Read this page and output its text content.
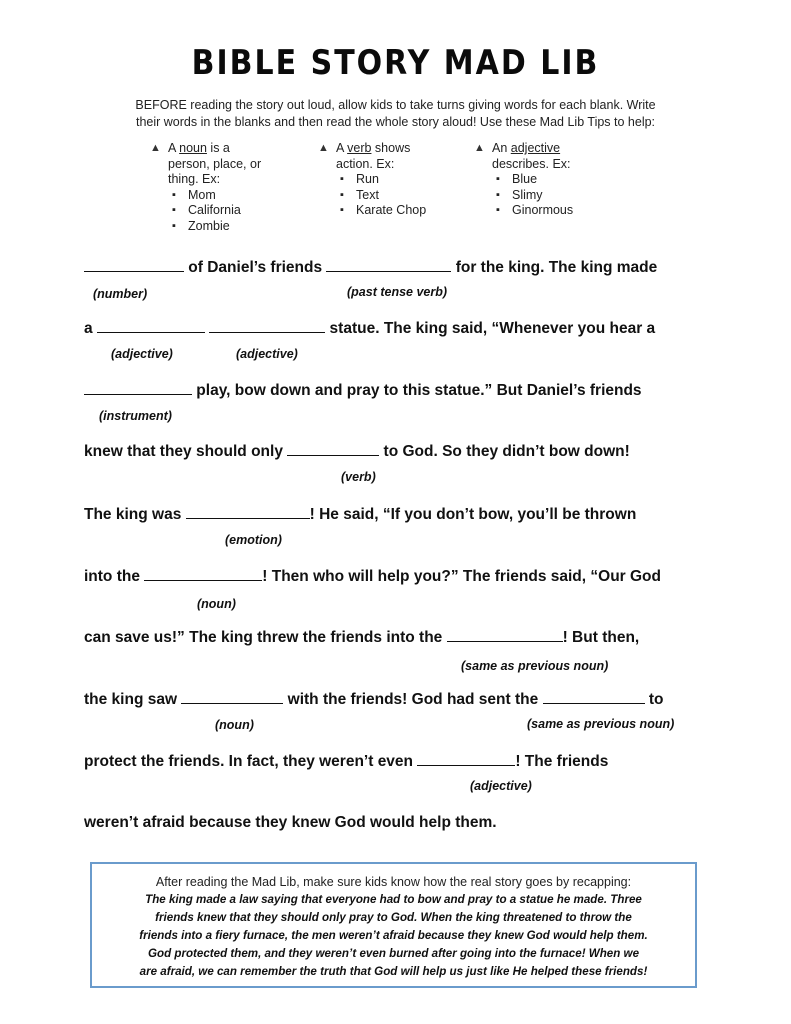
BIBLE STORY MAD LIB
BEFORE reading the story out loud, allow kids to take turns giving words for each blank. Write
their words in the blanks and then read the whole story aloud! Use these Mad Lib Tips to help:
▲ A noun is a
person, place, or
thing. Ex:
▪ Mom
▪ California
▪ Zombie
▲ A verb shows
action. Ex:
▪ Run
▪ Text
▪ Karate Chop
▲ An adjective
describes. Ex:
▪ Blue
▪ Slimy
▪ Ginormous
of Daniel’s friends	for the king. The king made
(number)	(past tense verb)
a	statue. The king said, “Whenever you hear a
(adjective)	(adjective)
play, bow down and pray to this statue.” But Daniel’s friends
(instrument)
knew that they should only	to God. So they didn’t bow down!
(verb)
The king was	! He said, “If you don’t bow, you’ll be thrown
(emotion)
into the	! Then who will help you?” The friends said, “Our God
(noun)
can save us!” The king threw the friends into the	! But then,
(same as previous noun)
the king saw	with the friends! God had sent the	to
(noun)	(same as previous noun)
protect the friends. In fact, they weren’t even	! The friends
(adjective)
weren’t afraid because they knew God would help them.
After reading the Mad Lib, make sure kids know how the real story goes by recapping:
The king made a law saying that everyone had to bow and pray to a statue he made. Three
friends knew that they should only pray to God. When the king threatened to throw the
friends into a fiery furnace, the men weren’t afraid because they knew God would help them.
God protected them, and they weren’t even burned after going into the furnace! When we
are afraid, we can remember the truth that God will help us just like He helped these friends!
